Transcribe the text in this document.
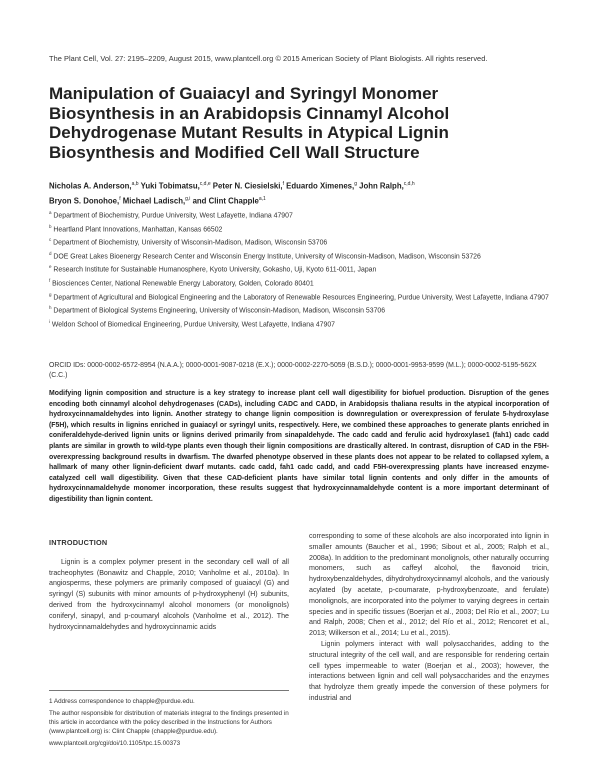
The Plant Cell, Vol. 27: 2195–2209, August 2015, www.plantcell.org © 2015 American Society of Plant Biologists. All rights reserved.
Manipulation of Guaiacyl and Syringyl Monomer Biosynthesis in an Arabidopsis Cinnamyl Alcohol Dehydrogenase Mutant Results in Atypical Lignin Biosynthesis and Modified Cell Wall Structure
Nicholas A. Anderson,$^{a,b}$ Yuki Tobimatsu,$^{c,d,e}$ Peter N. Ciesielski,$^f$ Eduardo Ximenes,$^g$ John Ralph,$^{c,d,h}$
Bryon S. Donohoe,$^f$ Michael Ladisch,$^{g,i}$ and Clint Chapple$^{a,1}$
$^a$ Department of Biochemistry, Purdue University, West Lafayette, Indiana 47907
$^b$ Heartland Plant Innovations, Manhattan, Kansas 66502
$^c$ Department of Biochemistry, University of Wisconsin-Madison, Madison, Wisconsin 53706
$^d$ DOE Great Lakes Bioenergy Research Center and Wisconsin Energy Institute, University of Wisconsin-Madison, Madison, Wisconsin 53726
$^e$ Research Institute for Sustainable Humanosphere, Kyoto University, Gokasho, Uji, Kyoto 611-0011, Japan
$^f$ Biosciences Center, National Renewable Energy Laboratory, Golden, Colorado 80401
$^g$ Department of Agricultural and Biological Engineering and the Laboratory of Renewable Resources Engineering, Purdue University, West Lafayette, Indiana 47907
$^h$ Department of Biological Systems Engineering, University of Wisconsin-Madison, Madison, Wisconsin 53706
$^i$ Weldon School of Biomedical Engineering, Purdue University, West Lafayette, Indiana 47907
ORCID IDs: 0000-0002-6572-8954 (N.A.A.); 0000-0001-9087-0218 (E.X.); 0000-0002-2270-5059 (B.S.D.); 0000-0001-9953-9599 (M.L.); 0000-0002-5195-562X (C.C.)
Modifying lignin composition and structure is a key strategy to increase plant cell wall digestibility for biofuel production. Disruption of the genes encoding both cinnamyl alcohol dehydrogenases (CADs), including CADC and CADD, in Arabidopsis thaliana results in the atypical incorporation of hydroxycinnamaldehydes into lignin. Another strategy to change lignin composition is downregulation or overexpression of ferulate 5-hydroxylase (F5H), which results in lignins enriched in guaiacyl or syringyl units, respectively. Here, we combined these approaches to generate plants enriched in coniferaldehyde-derived lignin units or lignins derived primarily from sinapaldehyde. The cadc cadd and ferulic acid hydroxylase1 (fah1) cadc cadd plants are similar in growth to wild-type plants even though their lignin compositions are drastically altered. In contrast, disruption of CAD in the F5H-overexpressing background results in dwarfism. The dwarfed phenotype observed in these plants does not appear to be related to collapsed xylem, a hallmark of many other lignin-deficient dwarf mutants. cadc cadd, fah1 cadc cadd, and cadd F5H-overexpressing plants have increased enzyme-catalyzed cell wall digestibility. Given that these CAD-deficient plants have similar total lignin contents and only differ in the amounts of hydroxycinnamaldehyde monomer incorporation, these results suggest that hydroxycinnamaldehyde content is a more important determinant of digestibility than lignin content.
INTRODUCTION

Lignin is a complex polymer present in the secondary cell wall of all tracheophytes (Bonawitz and Chapple, 2010; Vanholme et al., 2010a). In angiosperms, these polymers are primarily composed of guaiacyl (G) and syringyl (S) subunits with minor amounts of p-hydroxyphenyl (H) subunits, derived from the hydroxycinnamyl alcohol monomers (or monolignols) coniferyl, sinapyl, and p-coumaryl alcohols (Vanholme et al., 2012). The hydroxycinnamaldehydes and hydroxycinnamic acids

1 Address correspondence to chapple@purdue.edu.

The author responsible for distribution of materials integral to the findings presented in this article in accordance with the policy described in the Instructions for Authors (www.plantcell.org) is: Clint Chapple (chapple@purdue.edu).

www.plantcell.org/cgi/doi/10.1105/tpc.15.00373

corresponding to some of these alcohols are also incorporated into lignin in smaller amounts (Baucher et al., 1996; Sibout et al., 2005; Ralph et al., 2008a). In addition to the predominant monolignols, other naturally occurring monomers, such as caffeyl alcohol, the flavonoid tricin, hydroxybenzaldehydes, dihydrohydroxycinnamyl alcohols, and the variously acylated (by acetate, p-coumarate, p-hydroxybenzoate, and ferulate) monolignols, are incorporated into the polymer to varying degrees in certain species and in specific tissues (Boerjan et al., 2003; Del Río et al., 2007; Lu and Ralph, 2008; Chen et al., 2012; del Río et al., 2012; Rencoret et al., 2013; Wilkerson et al., 2014; Lu et al., 2015).

Lignin polymers interact with wall polysaccharides, adding to the structural integrity of the cell wall, and are responsible for rendering certain cell types impermeable to water (Boerjan et al., 2003); however, the interactions between lignin and cell wall polysaccharides and the enzymes that hydrolyze them greatly impede the conversion of these polymers for industrial and
